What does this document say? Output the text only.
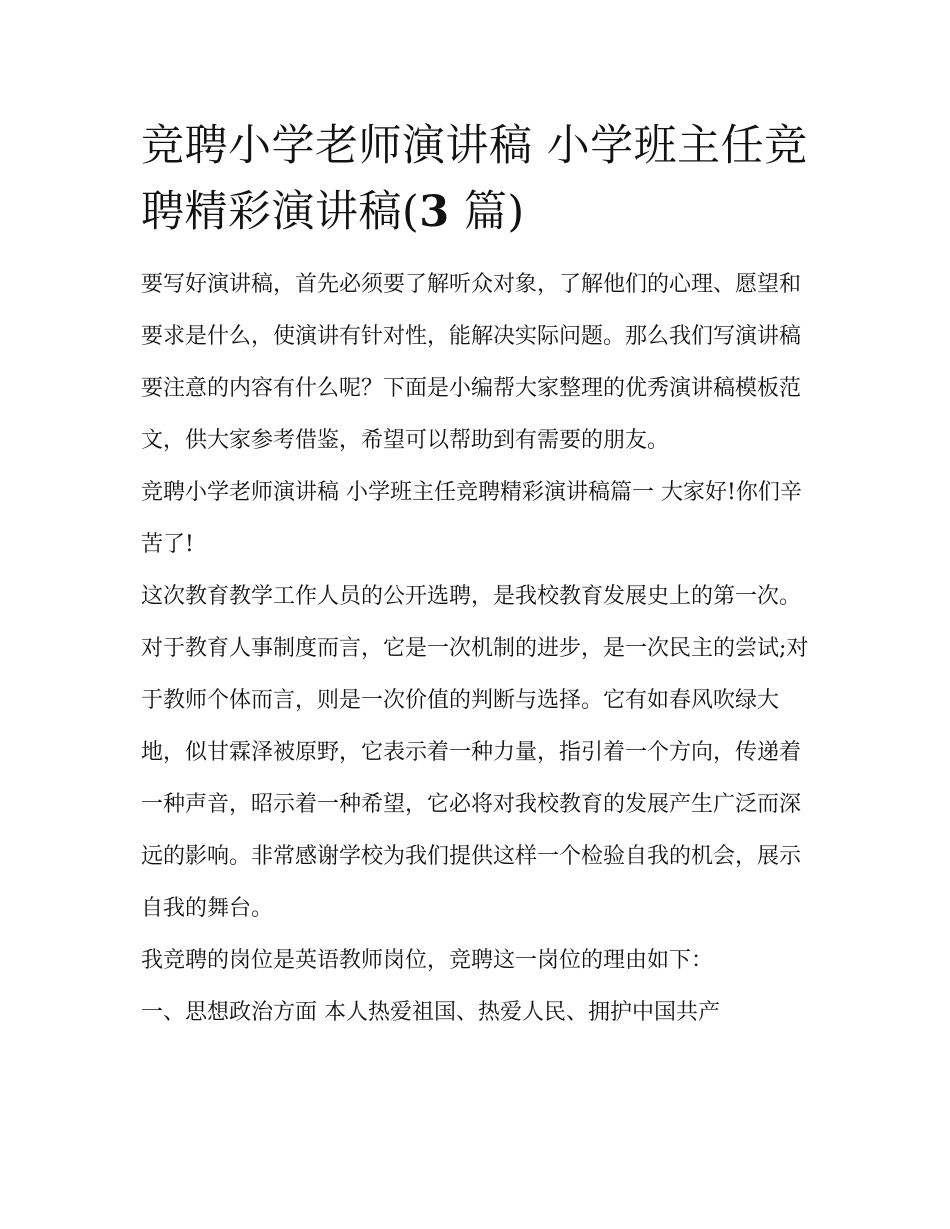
竞聘小学老师演讲稿 小学班主任竞聘精彩演讲稿(3 篇)

要写好演讲稿，首先必须要了解听众对象，了解他们的心理、愿望和要求是什么，使演讲有针对性，能解决实际问题。那么我们写演讲稿要注意的内容有什么呢？下面是小编帮大家整理的优秀演讲稿模板范文，供大家参考借鉴，希望可以帮助到有需要的朋友。

竞聘小学老师演讲稿 小学班主任竞聘精彩演讲稿篇一 大家好!你们辛苦了!

这次教育教学工作人员的公开选聘，是我校教育发展史上的第一次。对于教育人事制度而言，它是一次机制的进步，是一次民主的尝试;对于教师个体而言，则是一次价值的判断与选择。它有如春风吹绿大地，似甘霖泽被原野，它表示着一种力量，指引着一个方向，传递着一种声音，昭示着一种希望，它必将对我校教育的发展产生广泛而深远的影响。非常感谢学校为我们提供这样一个检验自我的机会，展示自我的舞台。

我竞聘的岗位是英语教师岗位，竞聘这一岗位的理由如下：

一、思想政治方面 本人热爱祖国、热爱人民、拥护中国共产
